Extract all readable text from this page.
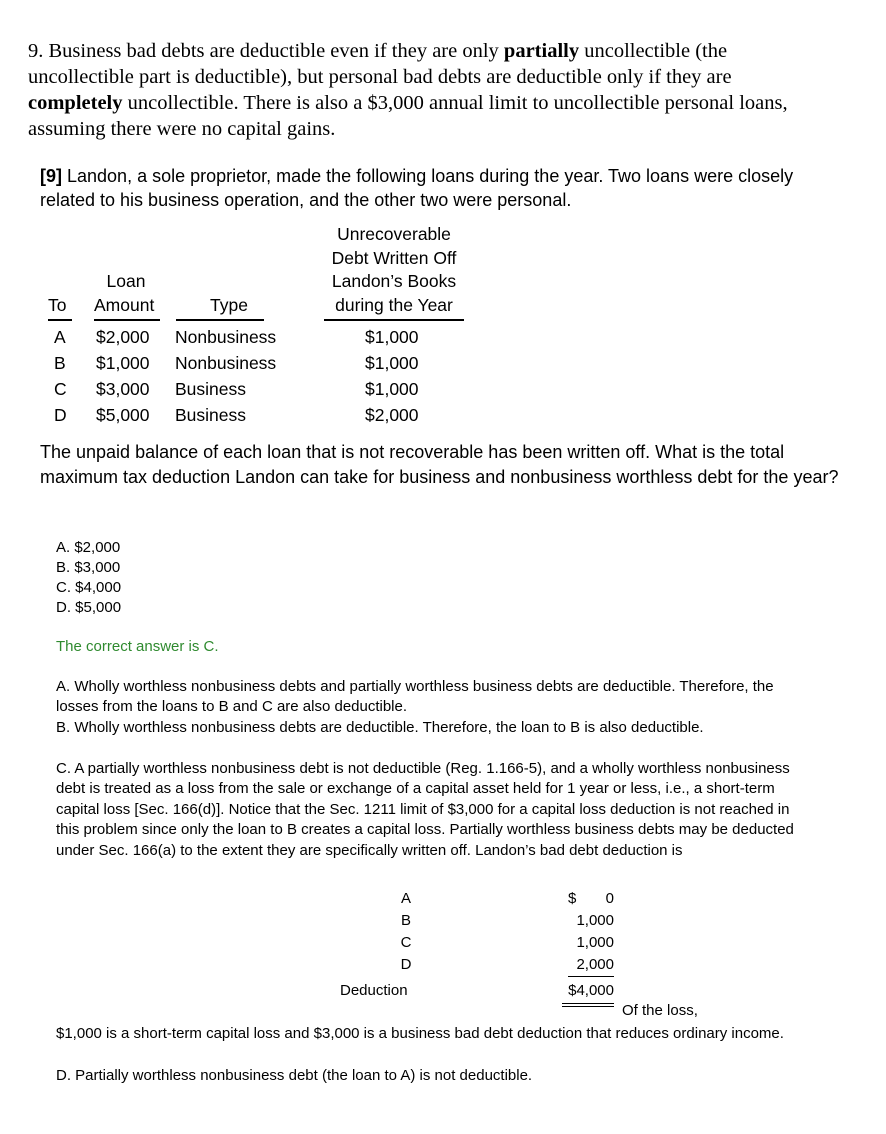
9. Business bad debts are deductible even if they are only partially uncollectible (the uncollectible part is deductible), but personal bad debts are deductible only if they are completely uncollectible. There is also a $3,000 annual limit to uncollectible personal loans, assuming there were no capital gains.
[9] Landon, a sole proprietor, made the following loans during the year. Two loans were closely related to his business operation, and the other two were personal.
Unrecoverable
Debt Written Off
Landon’s Books
during the Year
Loan
To Amount	Type
A $2,000 Nonbusiness	$1,000
B $1,000 Nonbusiness	$1,000
C $3,000 Business	$1,000
D $5,000 Business	$2,000
The unpaid balance of each loan that is not recoverable has been written off. What is the total maximum tax deduction Landon can take for business and nonbusiness worthless debt for the year?
A. $2,000
B. $3,000
C. $4,000
D. $5,000
The correct answer is C.
A. Wholly worthless nonbusiness debts and partially worthless business debts are deductible. Therefore, the losses from the loans to B and C are also deductible.
B. Wholly worthless nonbusiness debts are deductible. Therefore, the loan to B is also deductible.
C. A partially worthless nonbusiness debt is not deductible (Reg. 1.166-5), and a wholly worthless nonbusiness debt is treated as a loss from the sale or exchange of a capital asset held for 1 year or less, i.e., a short-term capital loss [Sec. 166(d)]. Notice that the Sec. 1211 limit of $3,000 for a capital loss deduction is not reached in this problem since only the loan to B creates a capital loss. Partially worthless business debts may be deducted under Sec. 166(a) to the extent they are specifically written off. Landon’s bad debt deduction is
A	$	0
B	1,000
C	1,000
D	2,000
Deduction	$4,000
Of the loss,
$1,000 is a short-term capital loss and $3,000 is a business bad debt deduction that reduces ordinary income.
D. Partially worthless nonbusiness debt (the loan to A) is not deductible.
